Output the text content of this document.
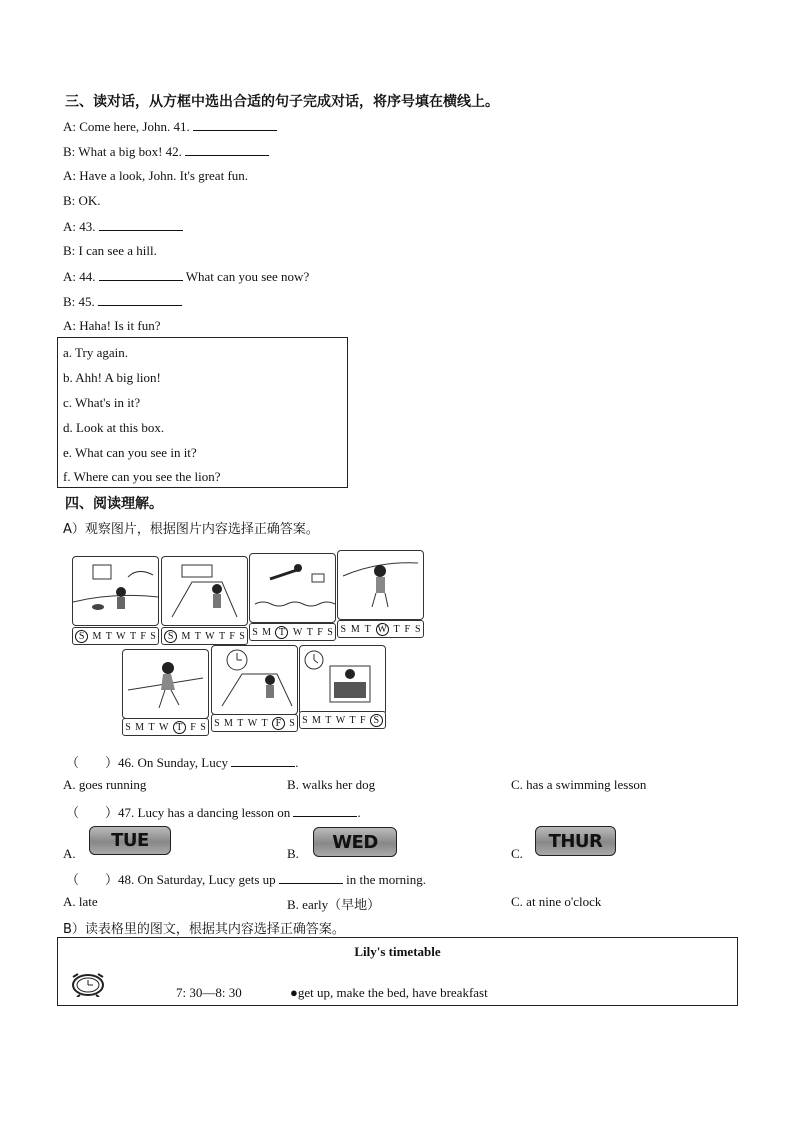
三、读对话，从方框中选出合适的句子完成对话，将序号填在横线上。
A: Come here, John. 41.
B: What a big box! 42.
A: Have a look, John. It's great fun.
B: OK.
A: 43.
B: I can see a hill.
A: 44.	What can you see now?
B: 45.
A: Haha! Is it fun?
a. Try again.
b. Ahh! A big lion!
c. What's in it?
d. Look at this box.
e. What can you see in it?
f. Where can you see the lion?
四、阅读理解。
A）观察图片，根据图片内容选择正确答案。
S M T W T F S	S M T W T F S S M T W T F S S M T W T F S
S M T W T F S S M T W T F S S M T W T F S
（　　）46. On Sunday, Lucy	.
A. goes running	B. walks her dog	C. has a swimming lesson
（　　）47. Lucy has a dancing lesson on	.
A.
TUE
B.
WED
C.
THUR
（　　）48. On Saturday, Lucy gets up	in the morning.
A. late	B. early（早地）	C. at nine o'clock
B）读表格里的图文，根据其内容选择正确答案。
Lily's timetable
7: 30—8: 30	●get up, make the bed, have breakfast
